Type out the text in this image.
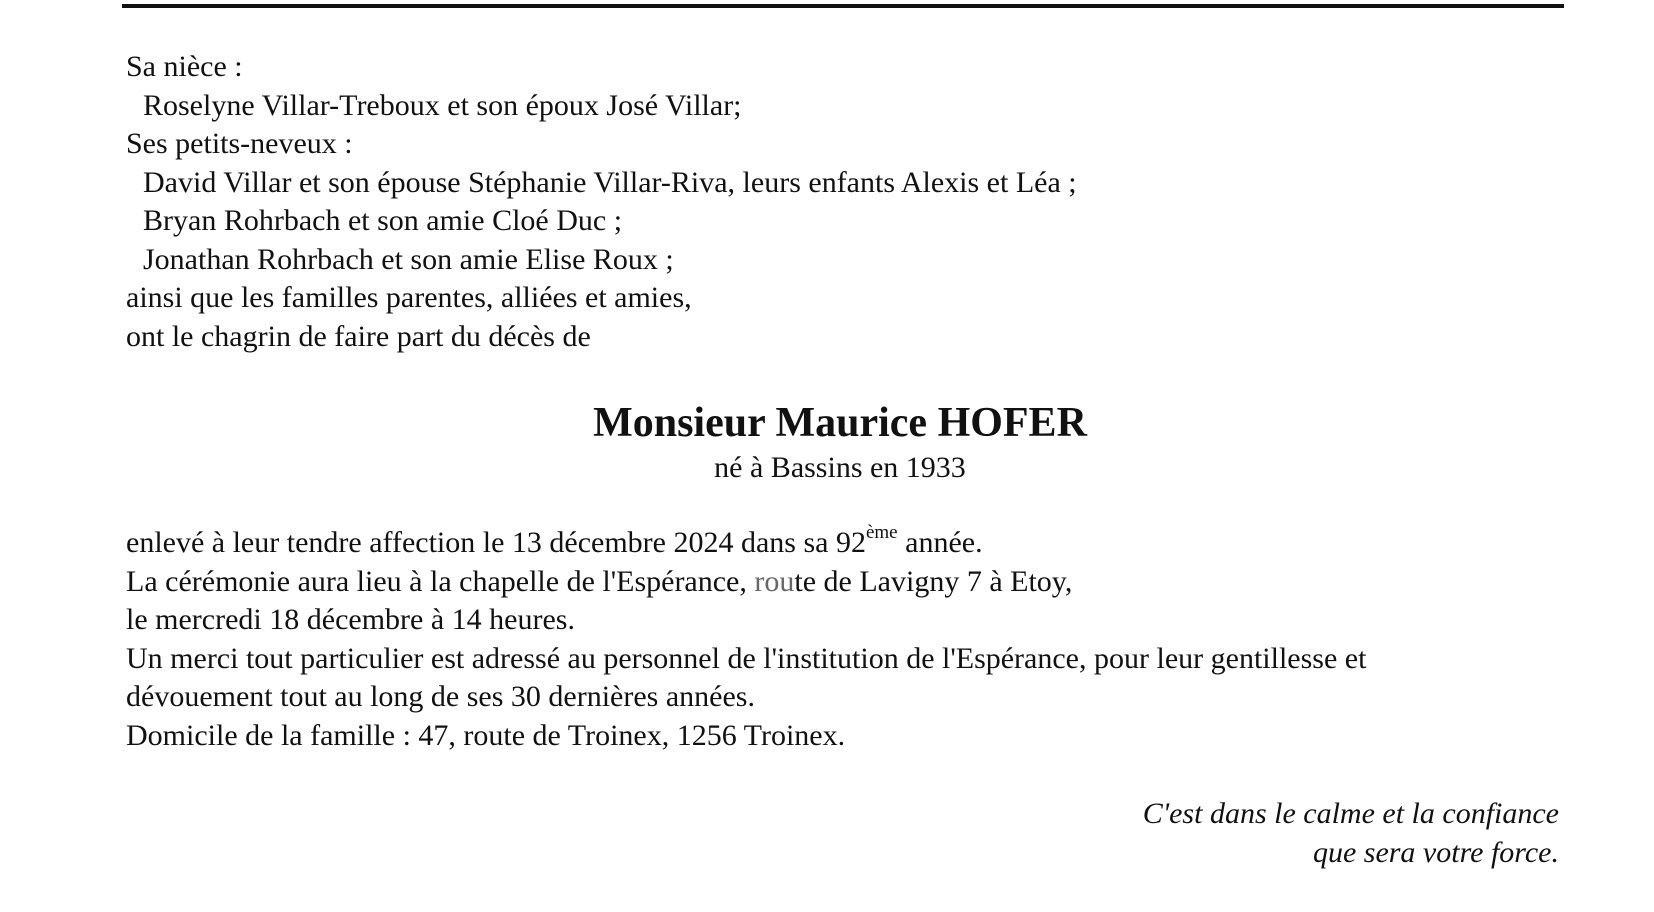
Sa nièce :
Roselyne Villar-Treboux et son époux José Villar;
Ses petits-neveux :
David Villar et son épouse Stéphanie Villar-Riva, leurs enfants Alexis et Léa ;
Bryan Rohrbach et son amie Cloé Duc ;
Jonathan Rohrbach et son amie Elise Roux ;
ainsi que les familles parentes, alliées et amies,
ont le chagrin de faire part du décès de
Monsieur Maurice HOFER
né à Bassins en 1933
enlevé à leur tendre affection le 13 décembre 2024 dans sa 92ème année.
La cérémonie aura lieu à la chapelle de l'Espérance, route de Lavigny 7 à Etoy,
le mercredi 18 décembre à 14 heures.
Un merci tout particulier est adressé au personnel de l'institution de l'Espérance, pour leur gentillesse et
dévouement tout au long de ses 30 dernières années.
Domicile de la famille : 47, route de Troinex, 1256 Troinex.
C'est dans le calme et la confiance
que sera votre force.
